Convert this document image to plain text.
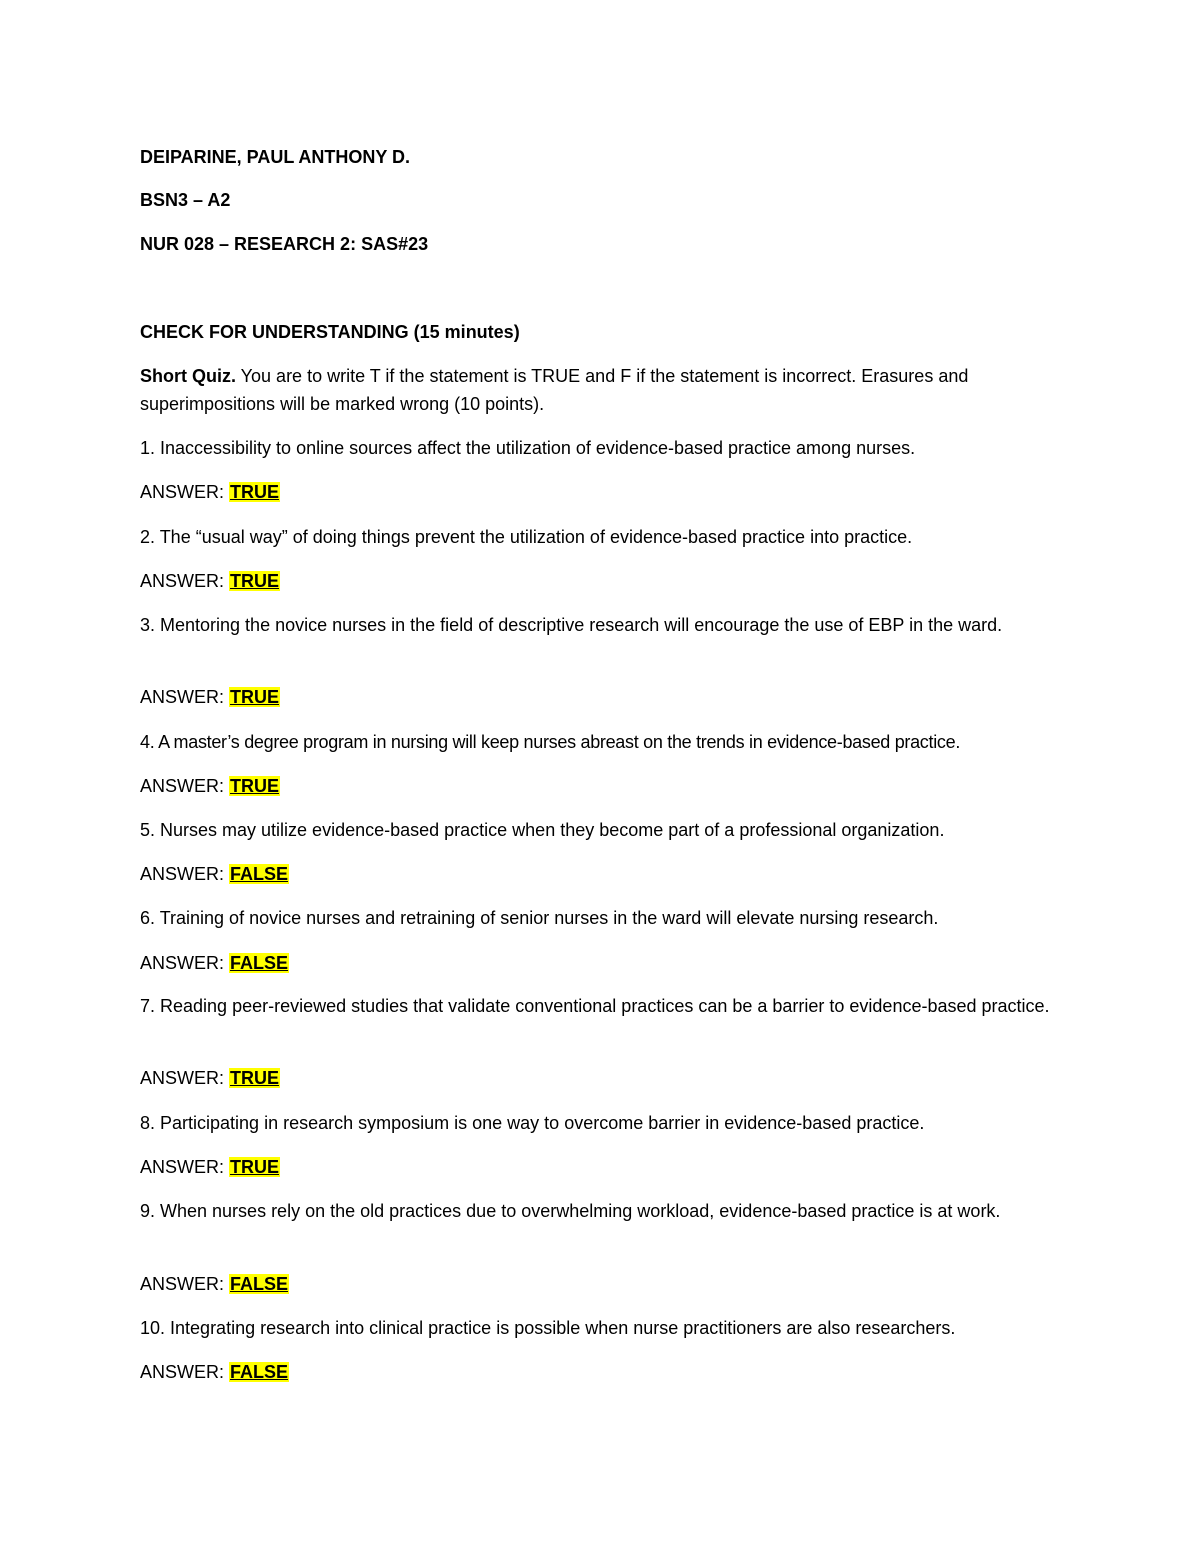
DEIPARINE, PAUL ANTHONY D.
BSN3 – A2
NUR 028 – RESEARCH 2: SAS#23
CHECK FOR UNDERSTANDING (15 minutes)
Short Quiz. You are to write T if the statement is TRUE and F if the statement is incorrect. Erasures and superimpositions will be marked wrong (10 points).
1. Inaccessibility to online sources affect the utilization of evidence-based practice among nurses.
ANSWER: TRUE
2. The “usual way” of doing things prevent the utilization of evidence-based practice into practice.
ANSWER: TRUE
3. Mentoring the novice nurses in the field of descriptive research will encourage the use of EBP in the ward.
ANSWER: TRUE
4. A master’s degree program in nursing will keep nurses abreast on the trends in evidence-based practice.
ANSWER: TRUE
5. Nurses may utilize evidence-based practice when they become part of a professional organization.
ANSWER: FALSE
6. Training of novice nurses and retraining of senior nurses in the ward will elevate nursing research.
ANSWER: FALSE
7. Reading peer-reviewed studies that validate conventional practices can be a barrier to evidence-based practice.
ANSWER: TRUE
8. Participating in research symposium is one way to overcome barrier in evidence-based practice.
ANSWER: TRUE
9. When nurses rely on the old practices due to overwhelming workload, evidence-based practice is at work.
ANSWER: FALSE
10. Integrating research into clinical practice is possible when nurse practitioners are also researchers.
ANSWER: FALSE
